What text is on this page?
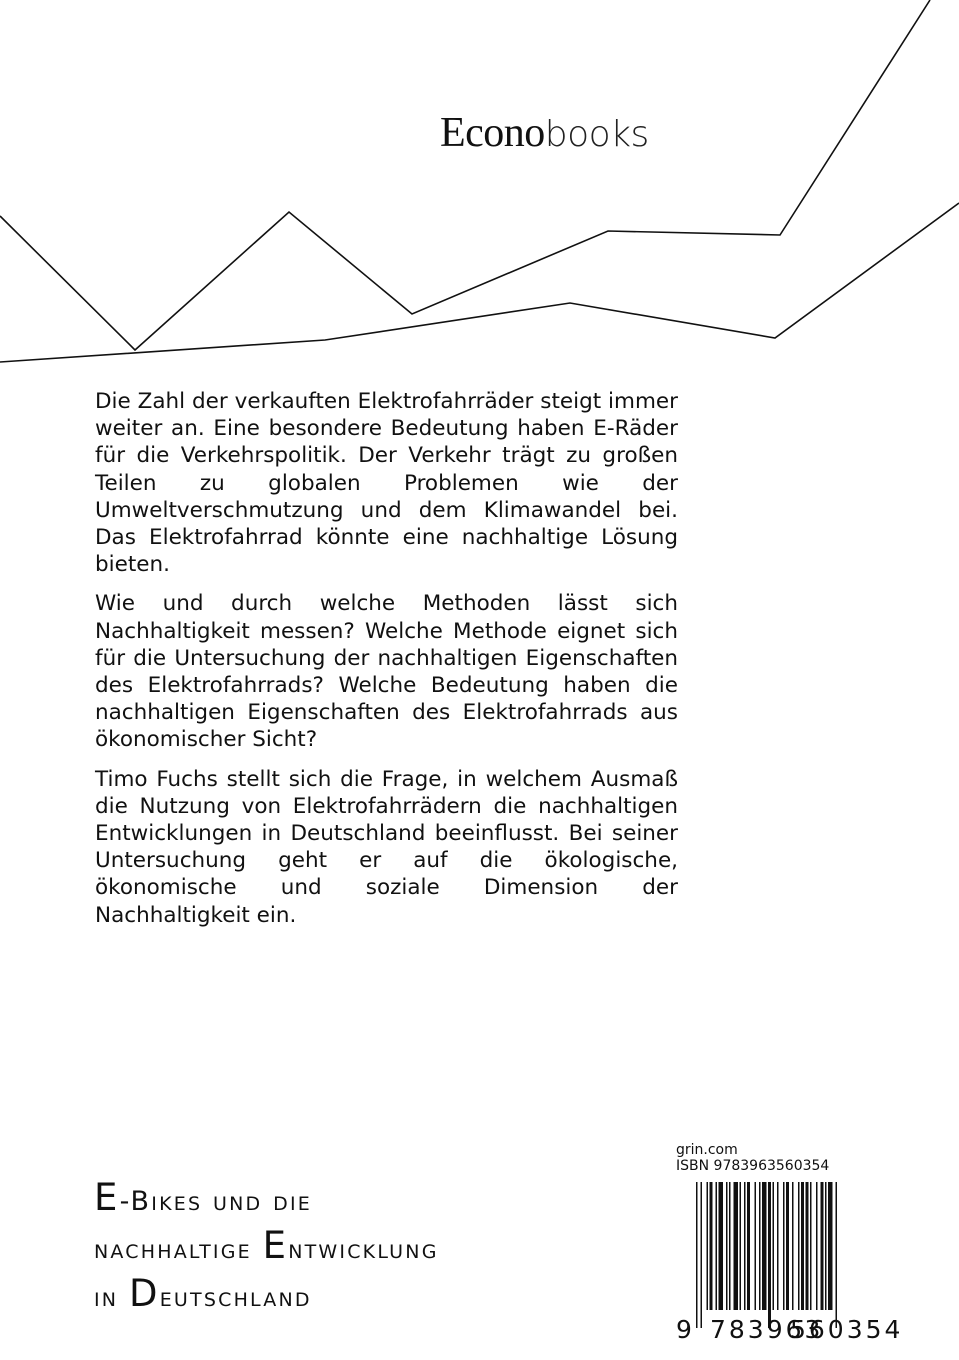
Econobooks

Die Zahl der verkauften Elektrofahrräder steigt immer weiter an. Eine besondere Bedeutung haben E-Räder für die Verkehrspolitik. Der Verkehr trägt zu großen Teilen zu globalen Problemen wie der Umweltverschmutzung und dem Klimawandel bei. Das Elektrofahrrad könnte eine nachhaltige Lösung bieten.

Wie und durch welche Methoden lässt sich Nachhaltigkeit messen? Welche Methode eignet sich für die Untersuchung der nachhaltigen Eigenschaften des Elektrofahrrads? Welche Bedeutung haben die nachhaltigen Eigenschaften des Elektrofahrrads aus ökonomischer Sicht?

Timo Fuchs stellt sich die Frage, in welchem Ausmaß die Nutzung von Elektrofahrrädern die nachhaltigen Entwicklungen in Deutschland beeinflusst. Bei seiner Untersuchung geht er auf die ökologische, ökonomische und soziale Dimension der Nachhaltigkeit ein.

E-Bikes und die
nachhaltige Entwicklung
in Deutschland
grin.com
ISBN 9783963560354
9 783963
560354
